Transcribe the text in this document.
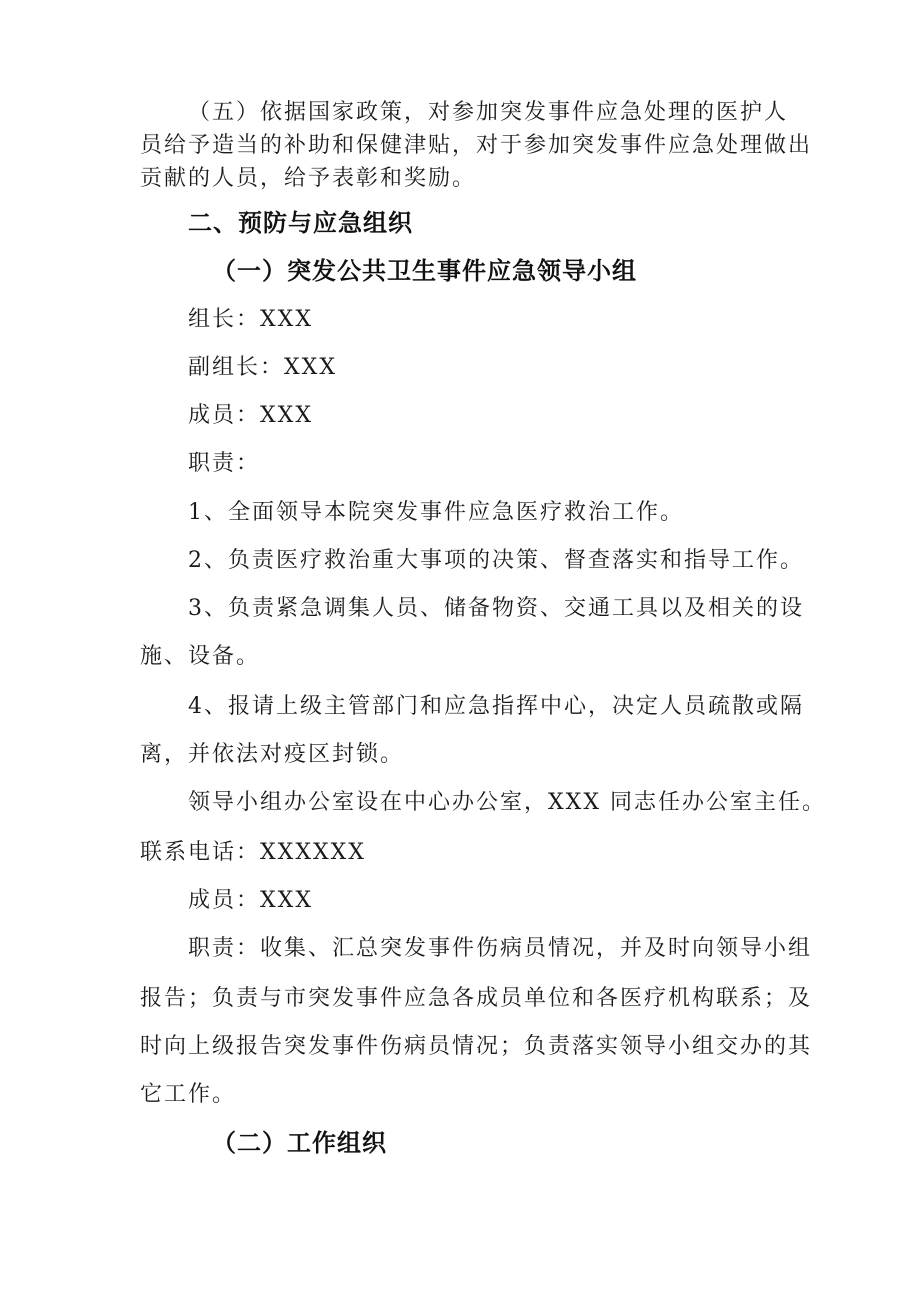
（五）依据国家政策，对参加突发事件应急处理的医护人

员给予造当的补助和保健津贴，对于参加突发事件应急处理做出

贡献的人员，给予表彰和奖励。

二、预防与应急组织
（一）突发公共卫生事件应急领导小组

组长：XXX

副组长：XXX

成员：XXX

职责：

1、全面领导本院突发事件应急医疗救治工作。

2、负责医疗救治重大事项的决策、督查落实和指导工作。

3、负责紧急调集人员、储备物资、交通工具以及相关的设

施、设备。

4、报请上级主管部门和应急指挥中心，决定人员疏散或隔

离，并依法对疫区封锁。

领导小组办公室设在中心办公室，XXX 同志任办公室主任。

联系电话：XXXXXX

成员：XXX

职责：收集、汇总突发事件伤病员情况，并及时向领导小组

报告；负责与市突发事件应急各成员单位和各医疗机构联系；及

时向上级报告突发事件伤病员情况；负责落实领导小组交办的其

它工作。

（二）工作组织
